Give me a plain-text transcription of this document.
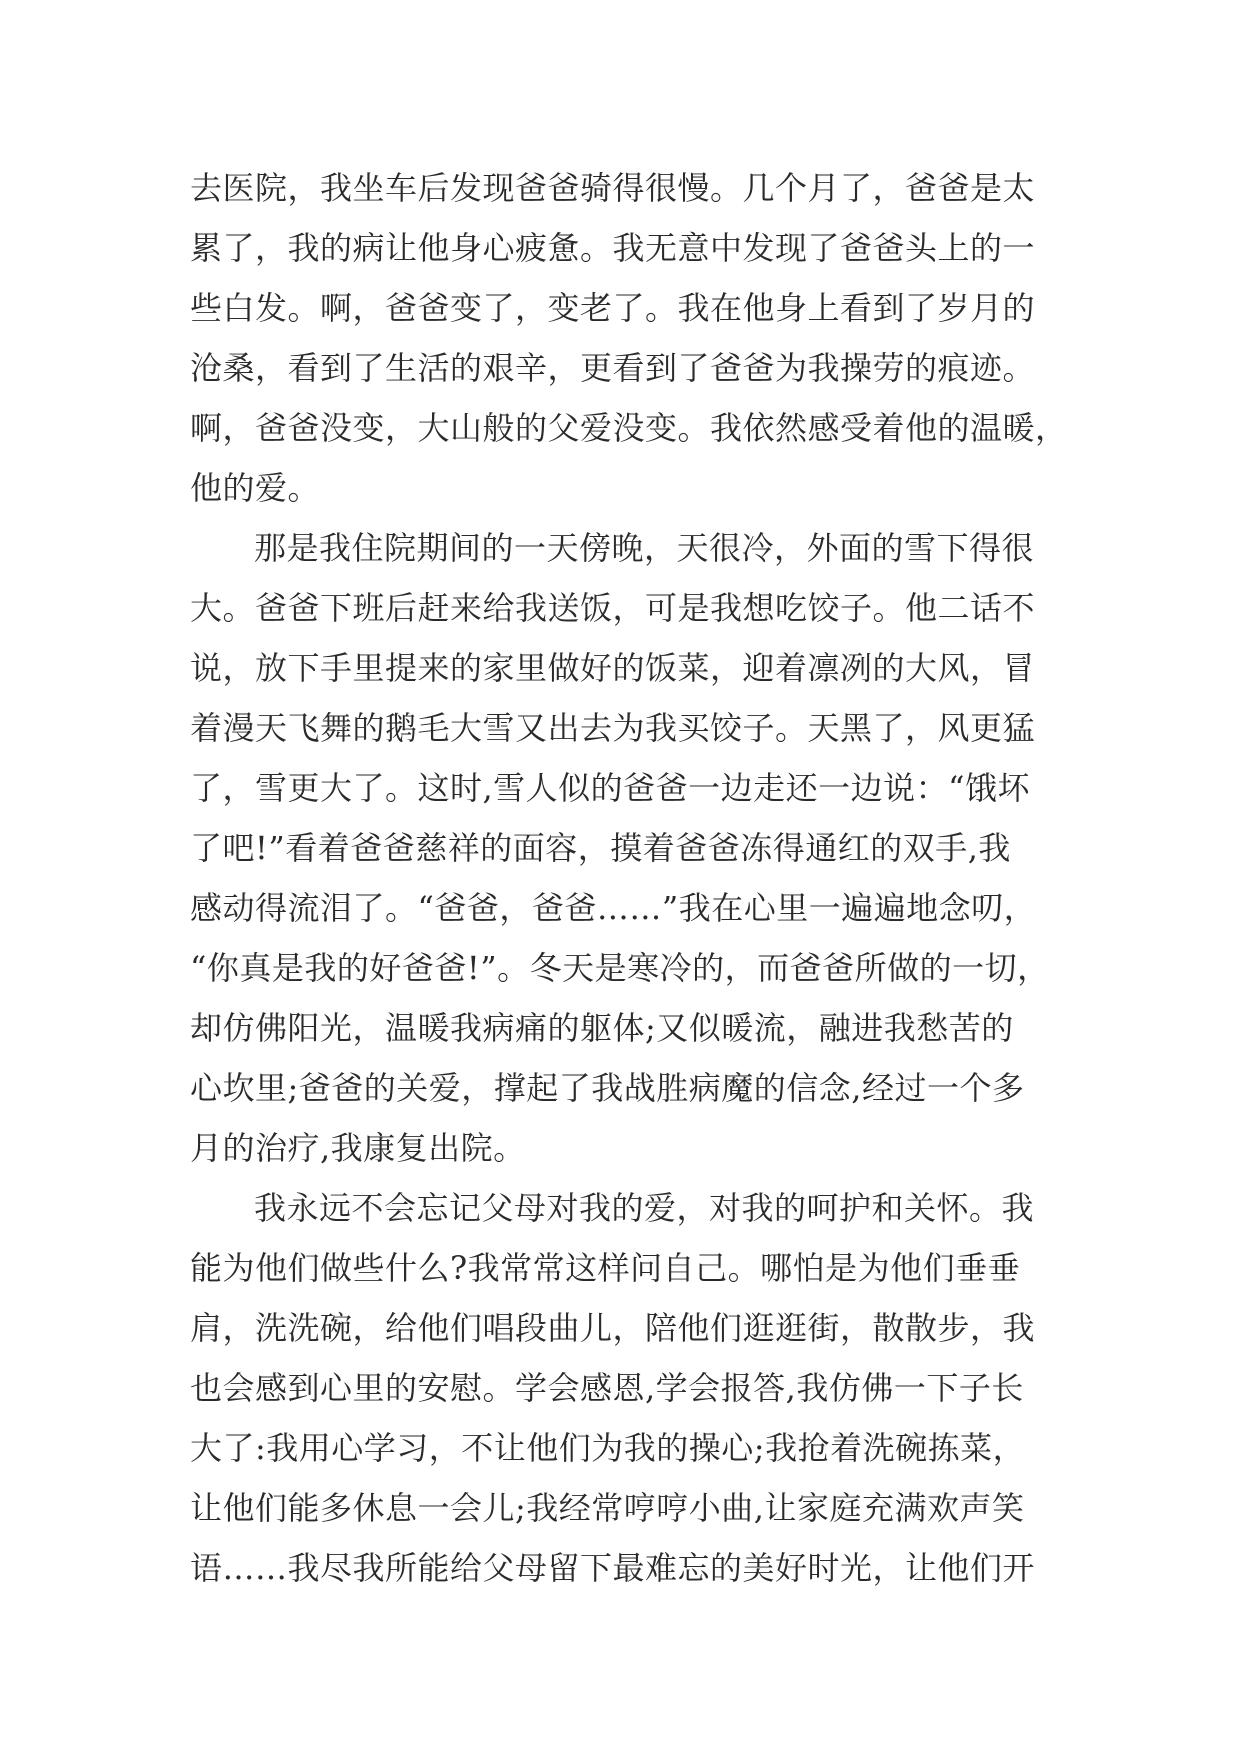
去医院，我坐车后发现爸爸骑得很慢。几个月了，爸爸是太
累了，我的病让他身心疲惫。我无意中发现了爸爸头上的一
些白发。啊，爸爸变了，变老了。我在他身上看到了岁月的
沧桑，看到了生活的艰辛，更看到了爸爸为我操劳的痕迹。
啊，爸爸没变，大山般的父爱没变。我依然感受着他的温暖，
他的爱。
那是我住院期间的一天傍晚，天很冷，外面的雪下得很
大。爸爸下班后赶来给我送饭，可是我想吃饺子。他二话不
说，放下手里提来的家里做好的饭菜，迎着凛冽的大风，冒
着漫天飞舞的鹅毛大雪又出去为我买饺子。天黑了，风更猛
了，雪更大了。这时,雪人似的爸爸一边走还一边说：“饿坏
了吧!”看着爸爸慈祥的面容，摸着爸爸冻得通红的双手,我
感动得流泪了。“爸爸，爸爸……”我在心里一遍遍地念叨，
“你真是我的好爸爸!”。冬天是寒冷的，而爸爸所做的一切，
却仿佛阳光，温暖我病痛的躯体;又似暖流，融进我愁苦的
心坎里;爸爸的关爱，撑起了我战胜病魔的信念,经过一个多
月的治疗,我康复出院。
我永远不会忘记父母对我的爱，对我的呵护和关怀。我
能为他们做些什么?我常常这样问自己。哪怕是为他们垂垂
肩，洗洗碗，给他们唱段曲儿，陪他们逛逛街，散散步，我
也会感到心里的安慰。学会感恩,学会报答,我仿佛一下子长
大了:我用心学习，不让他们为我的操心;我抢着洗碗拣菜，
让他们能多休息一会儿;我经常哼哼小曲,让家庭充满欢声笑
语……我尽我所能给父母留下最难忘的美好时光，让他们开
